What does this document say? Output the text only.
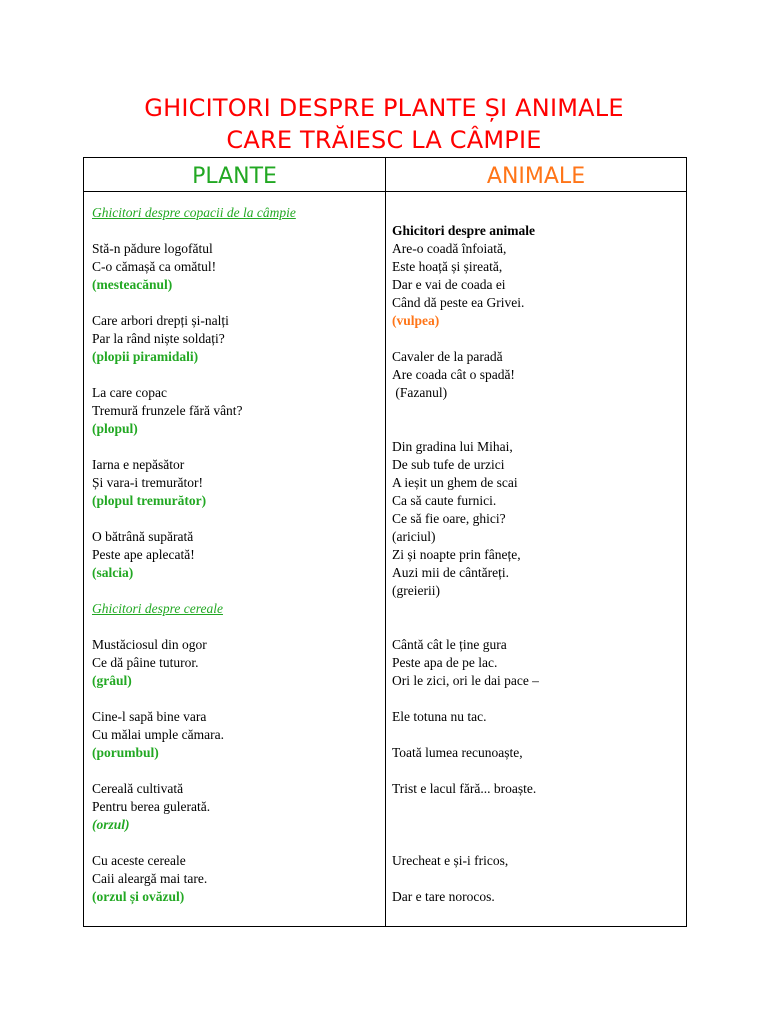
GHICITORI DESPRE PLANTE ȘI ANIMALE
CARE TRĂIESC LA CÂMPIE
PLANTE	ANIMALE
Ghicitori despre copacii de la câmpie
Stă-n pădure logofătul
C-o cămașă ca omătul!
(mesteacănul)
Care arbori drepți și-nalți
Par la rând niște soldați?
(plopii piramidali)
La care copac
Tremură frunzele fără vânt?
(plopul)
Iarna e nepăsător
Și vara-i tremurător!
(plopul tremurător)
O bătrână supărată
Peste ape aplecată!
(salcia)
Ghicitori despre cereale
Mustăciosul din ogor
Ce dă pâine tuturor.
(grâul)
Cine-l sapă bine vara
Cu mălai umple cămara.
(porumbul)
Cereală cultivată
Pentru berea gulerată.
(orzul)
Cu aceste cereale
Caii aleargă mai tare.
(orzul și ovăzul)
Ghicitori despre animale
Are-o coadă înfoiată,
Este hoață și șireată,
Dar e vai de coada ei
Când dă peste ea Grivei.
(vulpea)
Cavaler de la paradă
Are coada cât o spadă!
(Fazanul)
Din gradina lui Mihai,
De sub tufe de urzici
A ieșit un ghem de scai
Ca să caute furnici.
Ce să fie oare, ghici?
(ariciul)
Zi și noapte prin fânețe,
Auzi mii de cântăreți.
(greierii)
Cântă cât le ține gura
Peste apa de pe lac.
Ori le zici, ori le dai pace –
Ele totuna nu tac.
Toată lumea recunoaște,
Trist e lacul fără... broaște.
Urecheat e și-i fricos,
Dar e tare norocos.
